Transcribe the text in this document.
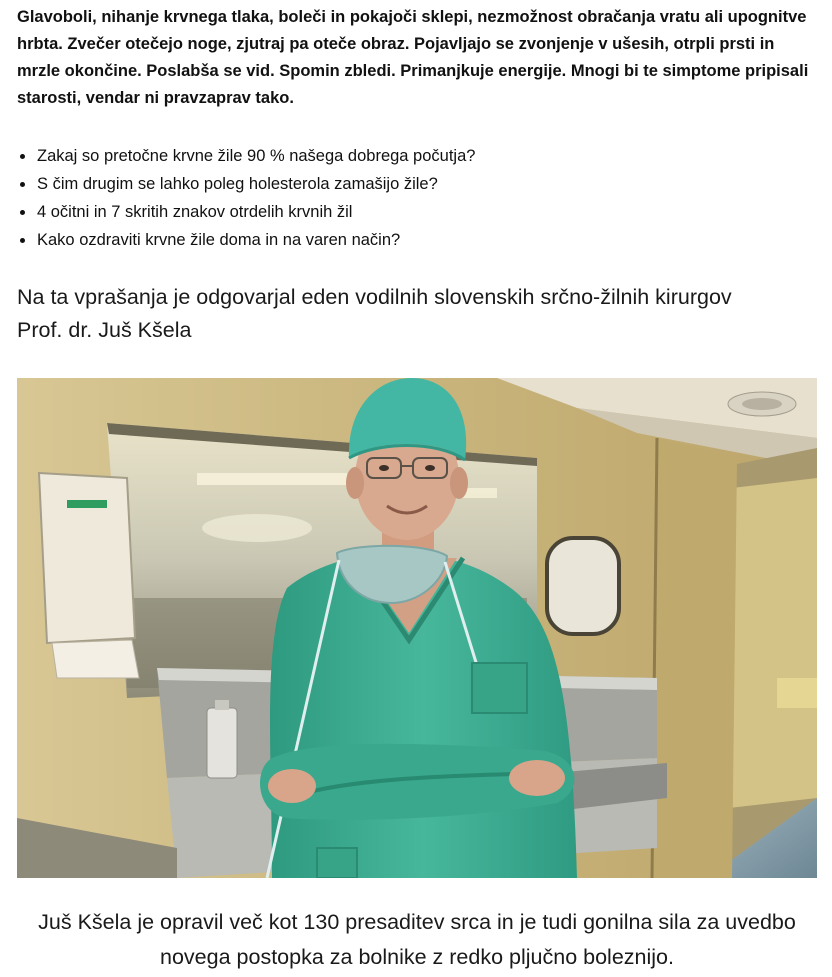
Glavoboli, nihanje krvnega tlaka, boleči in pokajoči sklepi, nezmožnost obračanja vratu ali upognitve hrbta. Zvečer otečejo noge, zjutraj pa oteče obraz. Pojavljajo se zvonjenje v ušesih, otrpli prsti in mrzle okončine. Poslabša se vid. Spomin zbledi. Primanjkuje energije. Mnogi bi te simptome pripisali starosti, vendar ni pravzaprav tako.

Zakaj so pretočne krvne žile 90 % našega dobrega počutja?
S čim drugim se lahko poleg holesterola zamašijo žile?
4 očitni in 7 skritih znakov otrdelih krvnih žil
Kako ozdraviti krvne žile doma in na varen način?

Na ta vprašanja je odgovarjal eden vodilnih slovenskih srčno-žilnih kirurgov
Prof. dr. Juš Kšela

Juš Kšela je opravil več kot 130 presaditev srca in je tudi gonilna sila za uvedbo novega postopka za bolnike z redko pljučno boleznijo.
